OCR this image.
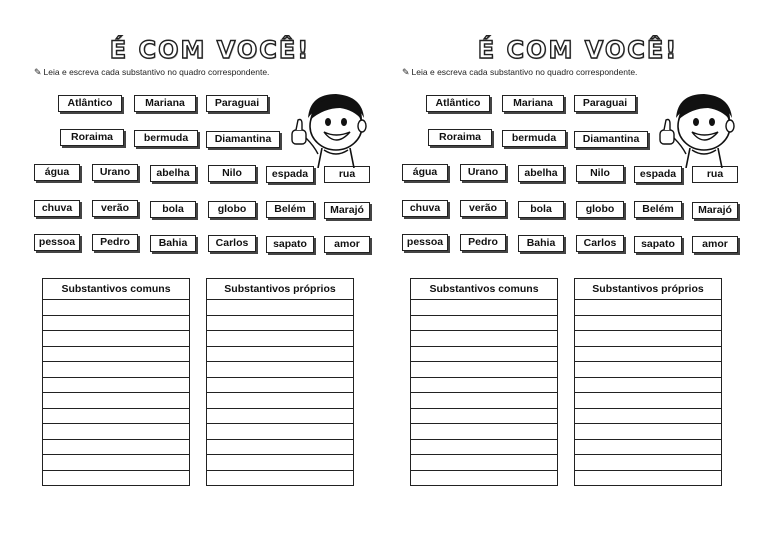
É COM VOCÊ!
✎ Leia e escreva cada substantivo no quadro correspondente.
Atlântico	Mariana	Paraguai
Roraima	bermuda	Diamantina
água	Urano	abelha	Nilo	espada	rua
chuva	verão	bola	globo	Belém	Marajó
pessoa	Pedro	Bahia	Carlos	sapato	amor
Substantivos comuns	Substantivos próprios
É COM VOCÊ!
✎ Leia e escreva cada substantivo no quadro correspondente.
Atlântico	Mariana	Paraguai
Roraima	bermuda	Diamantina
água	Urano	abelha	Nilo	espada	rua
chuva	verão	bola	globo	Belém	Marajó
pessoa	Pedro	Bahia	Carlos	sapato	amor
Substantivos comuns	Substantivos próprios
